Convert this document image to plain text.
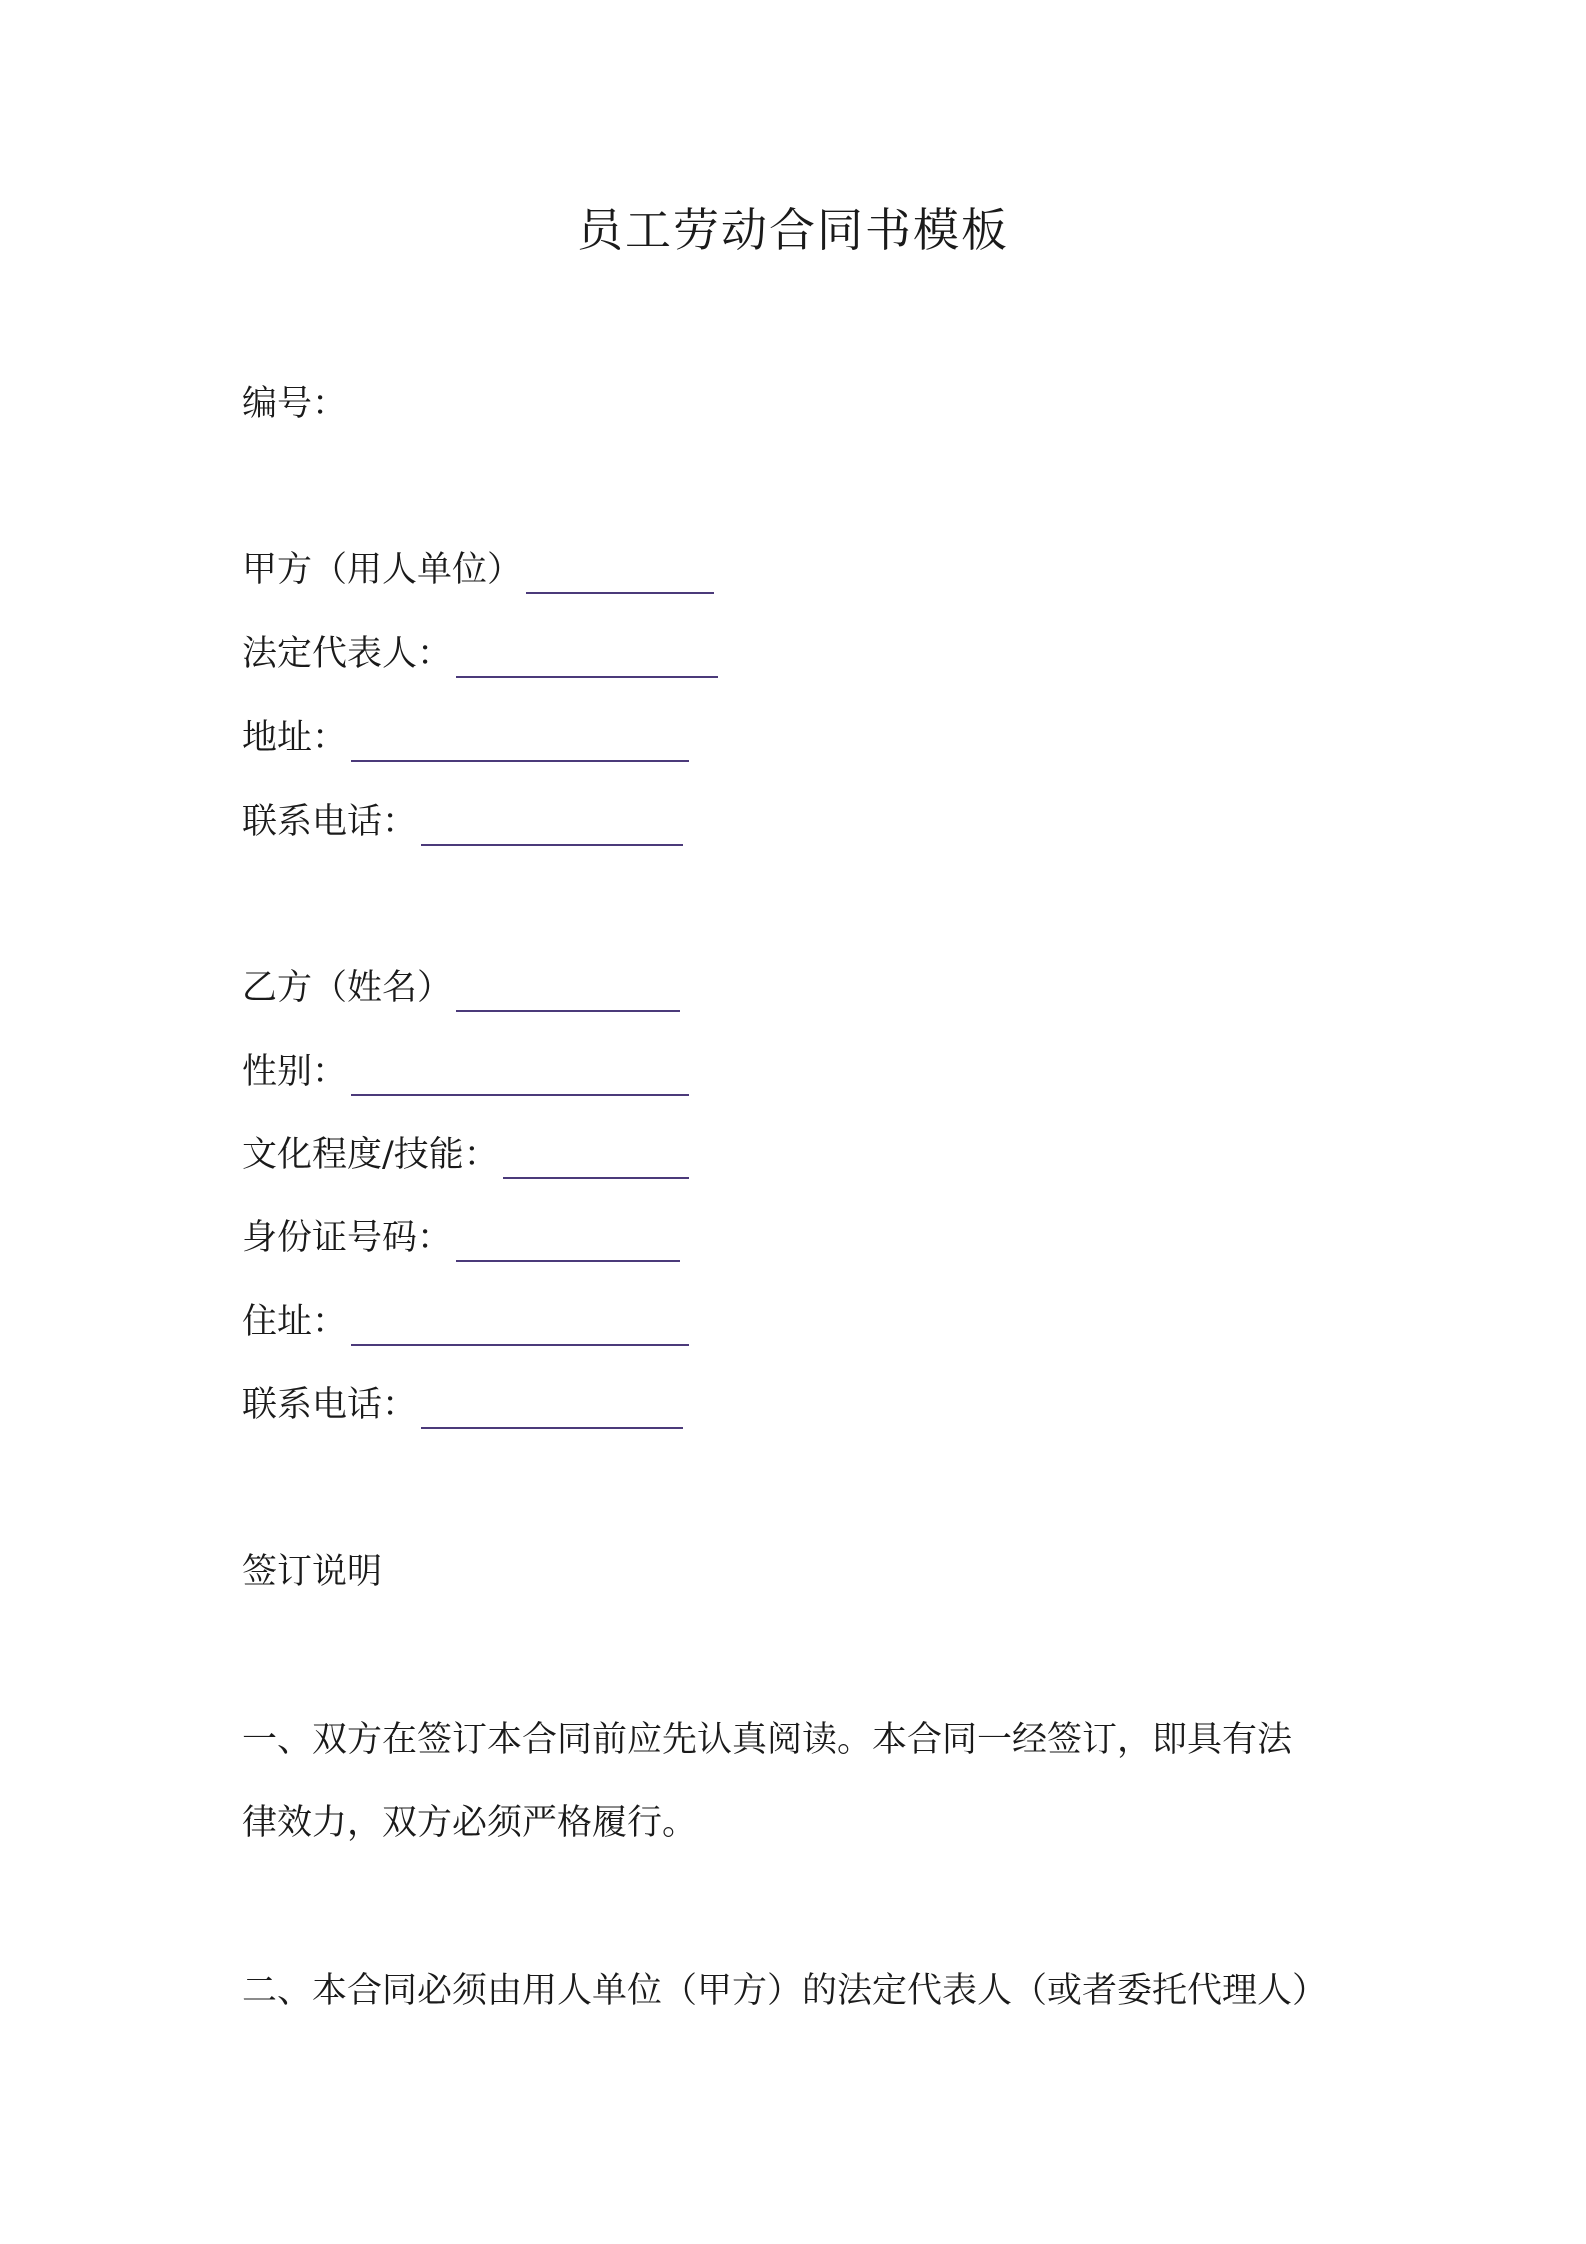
员工劳动合同书模板
编号：
甲方（用人单位）
法定代表人：
地址：
联系电话：
乙方（姓名）
性别：
文化程度/技能：
身份证号码：
住址：
联系电话：
签订说明
一、双方在签订本合同前应先认真阅读。本合同一经签订，即具有法
律效力，双方必须严格履行。
二、本合同必须由用人单位（甲方）的法定代表人（或者委托代理人）
